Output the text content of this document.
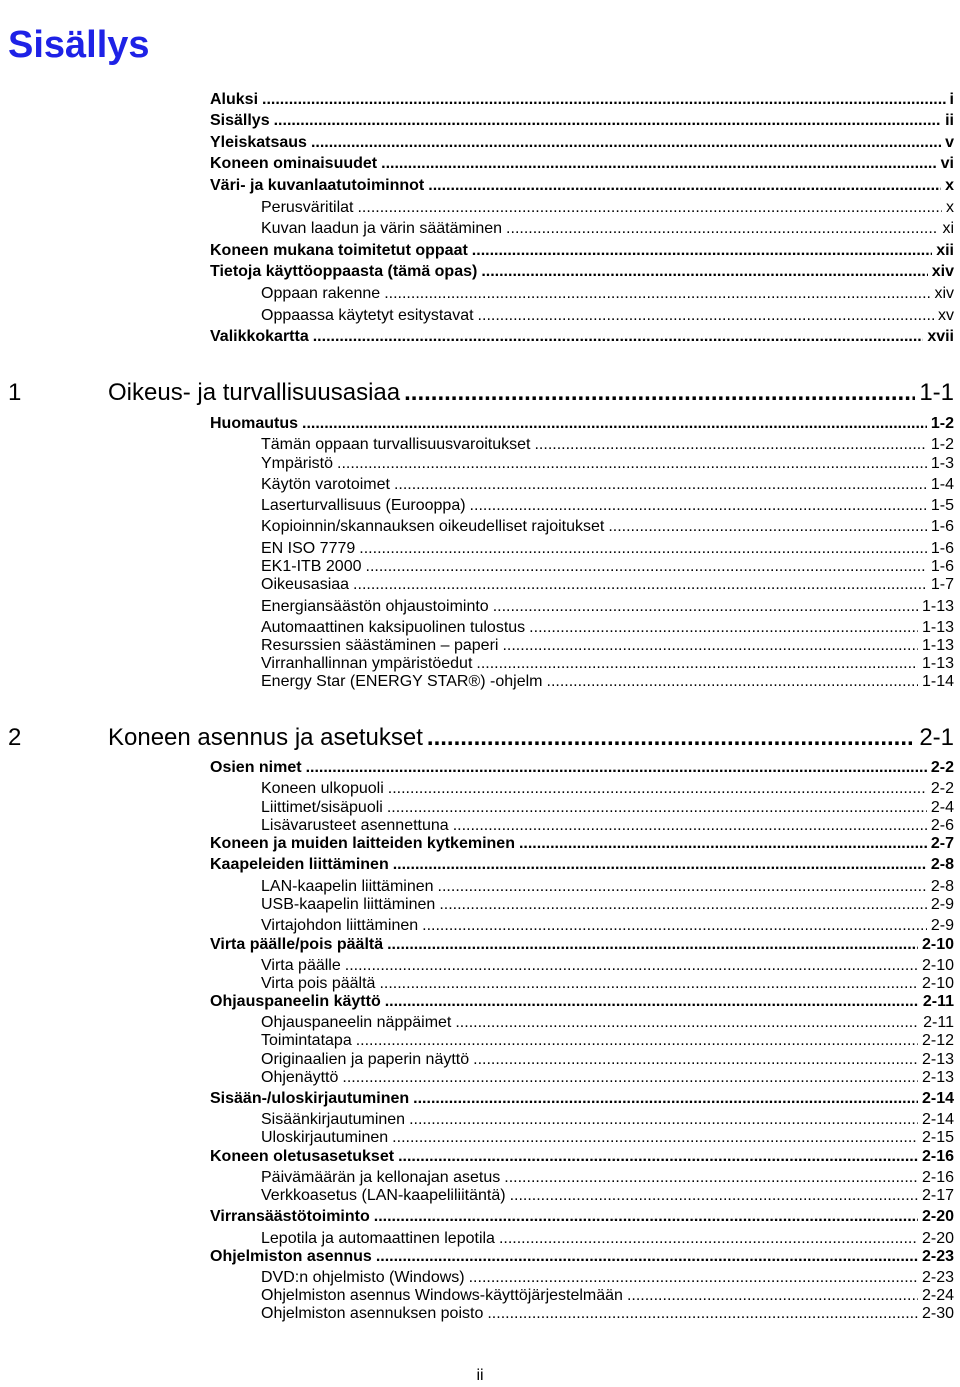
Sisällys
Aluksi .....	i
Sisällys .....	ii
Yleiskatsaus .....	v
Koneen ominaisuudet .....	vi
Väri- ja kuvanlaatutoiminnot .....	x
Perusväritilat .....	x
Kuvan laadun ja värin säätäminen .....	xi
Koneen mukana toimitetut oppaat .....	xii
Tietoja käyttöoppaasta (tämä opas) .....	xiv
Oppaan rakenne .....	xiv
Oppaassa käytetyt esitystavat .....	xv
Valikkokartta .....	xvii
1	Oikeus- ja turvallisuusasiaa .....	1-1
Huomautus .....	1-2
Tämän oppaan turvallisuusvaroitukset .....	1-2
Ympäristö .....	1-3
Käytön varotoimet .....	1-4
Laserturvallisuus (Eurooppa) .....	1-5
Kopioinnin/skannauksen oikeudelliset rajoitukset .....	1-6
EN ISO 7779 .....	1-6
EK1-ITB 2000 .....	1-6
Oikeusasiaa .....	1-7
Energiansäästön ohjaustoiminto .....	1-13
Automaattinen kaksipuolinen tulostus .....	1-13
Resurssien säästäminen – paperi .....	1-13
Virranhallinnan ympäristöedut .....	1-13
Energy Star (ENERGY STAR®) -ohjelm .....	1-14
2	Koneen asennus ja asetukset .....	2-1
Osien nimet .....	2-2
Koneen ulkopuoli .....	2-2
Liittimet/sisäpuoli .....	2-4
Lisävarusteet asennettuna .....	2-6
Koneen ja muiden laitteiden kytkeminen .....	2-7
Kaapeleiden liittäminen .....	2-8
LAN-kaapelin liittäminen .....	2-8
USB-kaapelin liittäminen .....	2-9
Virtajohdon liittäminen .....	2-9
Virta päälle/pois päältä .....	2-10
Virta päälle .....	2-10
Virta pois päältä .....	2-10
Ohjauspaneelin käyttö .....	2-11
Ohjauspaneelin näppäimet .....	2-11
Toimintatapa .....	2-12
Originaalien ja paperin näyttö .....	2-13
Ohjenäyttö .....	2-13
Sisään-/uloskirjautuminen .....	2-14
Sisäänkirjautuminen .....	2-14
Uloskirjautuminen .....	2-15
Koneen oletusasetukset .....	2-16
Päivämäärän ja kellonajan asetus .....	2-16
Verkkoasetus (LAN-kaapeliliitäntä) .....	2-17
Virransäästötoiminto .....	2-20
Lepotila ja automaattinen lepotila .....	2-20
Ohjelmiston asennus .....	2-23
DVD:n ohjelmisto (Windows) .....	2-23
Ohjelmiston asennus Windows-käyttöjärjestelmään .....	2-24
Ohjelmiston asennuksen poisto .....	2-30
ii
